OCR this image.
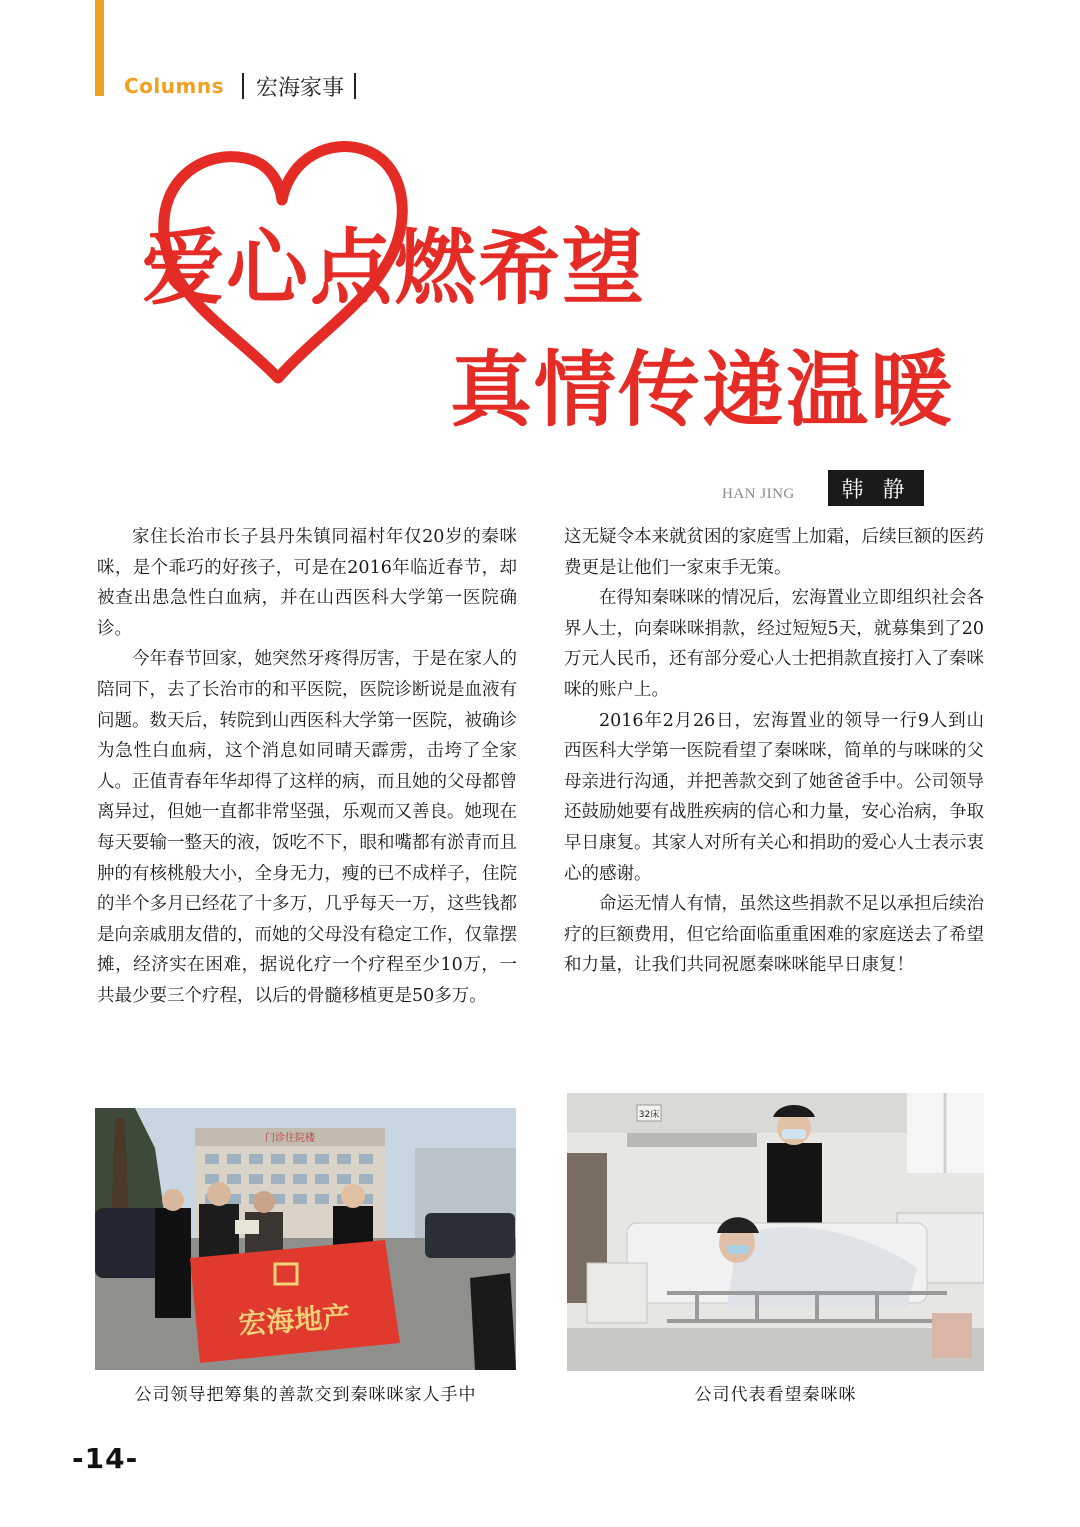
Columns 宏海家事
爱心点燃希望
真情传递温暖
HAN JING	韩 静

家住长治市长子县丹朱镇同福村年仅20岁的秦咪咪，是个乖巧的好孩子，可是在2016年临近春节，却被查出患急性白血病，并在山西医科大学第一医院确诊。

今年春节回家，她突然牙疼得厉害，于是在家人的陪同下，去了长治市的和平医院，医院诊断说是血液有问题。数天后，转院到山西医科大学第一医院，被确诊为急性白血病，这个消息如同晴天霹雳，击垮了全家人。正值青春年华却得了这样的病，而且她的父母都曾离异过，但她一直都非常坚强，乐观而又善良。她现在每天要输一整天的液，饭吃不下，眼和嘴都有淤青而且肿的有核桃般大小，全身无力，瘦的已不成样子，住院的半个多月已经花了十多万，几乎每天一万，这些钱都是向亲戚朋友借的，而她的父母没有稳定工作，仅靠摆摊，经济实在困难，据说化疗一个疗程至少10万，一共最少要三个疗程，以后的骨髓移植更是50多万。

这无疑令本来就贫困的家庭雪上加霜，后续巨额的医药费更是让他们一家束手无策。

在得知秦咪咪的情况后，宏海置业立即组织社会各界人士，向秦咪咪捐款，经过短短5天，就募集到了20万元人民币，还有部分爱心人士把捐款直接打入了秦咪咪的账户上。

2016年2月26日，宏海置业的领导一行9人到山西医科大学第一医院看望了秦咪咪，简单的与咪咪的父母亲进行沟通，并把善款交到了她爸爸手中。公司领导还鼓励她要有战胜疾病的信心和力量，安心治病，争取早日康复。其家人对所有关心和捐助的爱心人士表示衷心的感谢。

命运无情人有情，虽然这些捐款不足以承担后续治疗的巨额费用，但它给面临重重困难的家庭送去了希望和力量，让我们共同祝愿秦咪咪能早日康复！

门诊住院楼
宏海地产
32床
公司领导把筹集的善款交到秦咪咪家人手中	公司代表看望秦咪咪
-14-
